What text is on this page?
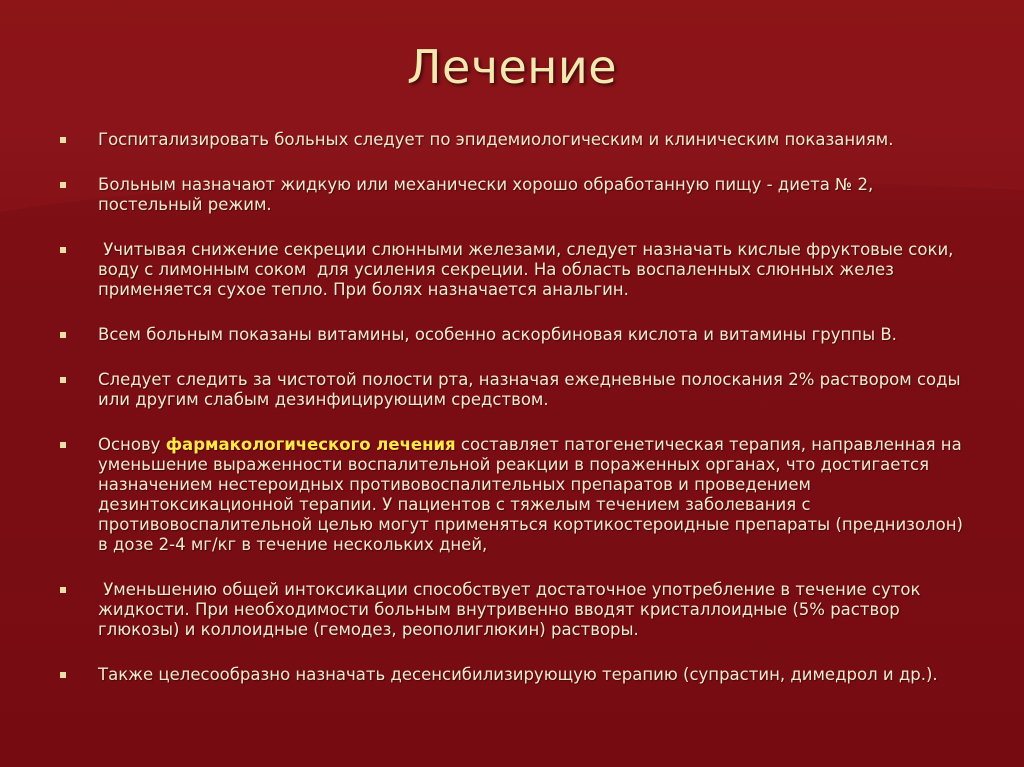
Лечение
Госпитализировать больных следует по эпидемиологическим и клиническим показаниям.
Больным назначают жидкую или механически хорошо обработанную пищу - диета № 2, постельный режим.
Учитывая снижение секреции слюнными железами, следует назначать кислые фруктовые соки, воду с лимонным соком  для усиления секреции. На область воспаленных слюнных желез применяется сухое тепло. При болях назначается анальгин.
Всем больным показаны витамины, особенно аскорбиновая кислота и витамины группы В.
Следует следить за чистотой полости рта, назначая ежедневные полоскания 2% раствором соды или другим слабым дезинфицирующим средством.
Основу фармакологического лечения составляет патогенетическая терапия, направленная на уменьшение выраженности воспалительной реакции в пораженных органах, что достигается назначением нестероидных противовоспалительных препаратов и проведением дезинтоксикационной терапии. У пациентов с тяжелым течением заболевания с противовоспалительной целью могут применяться кортикостероидные препараты (преднизолон) в дозе 2-4 мг/кг в течение нескольких дней,
Уменьшению общей интоксикации способствует достаточное употребление в течение суток жидкости. При необходимости больным внутривенно вводят кристаллоидные (5% раствор глюкозы) и коллоидные (гемодез, реополиглюкин) растворы.
Также целесообразно назначать десенсибилизирующую терапию (супрастин, димедрол и др.).
